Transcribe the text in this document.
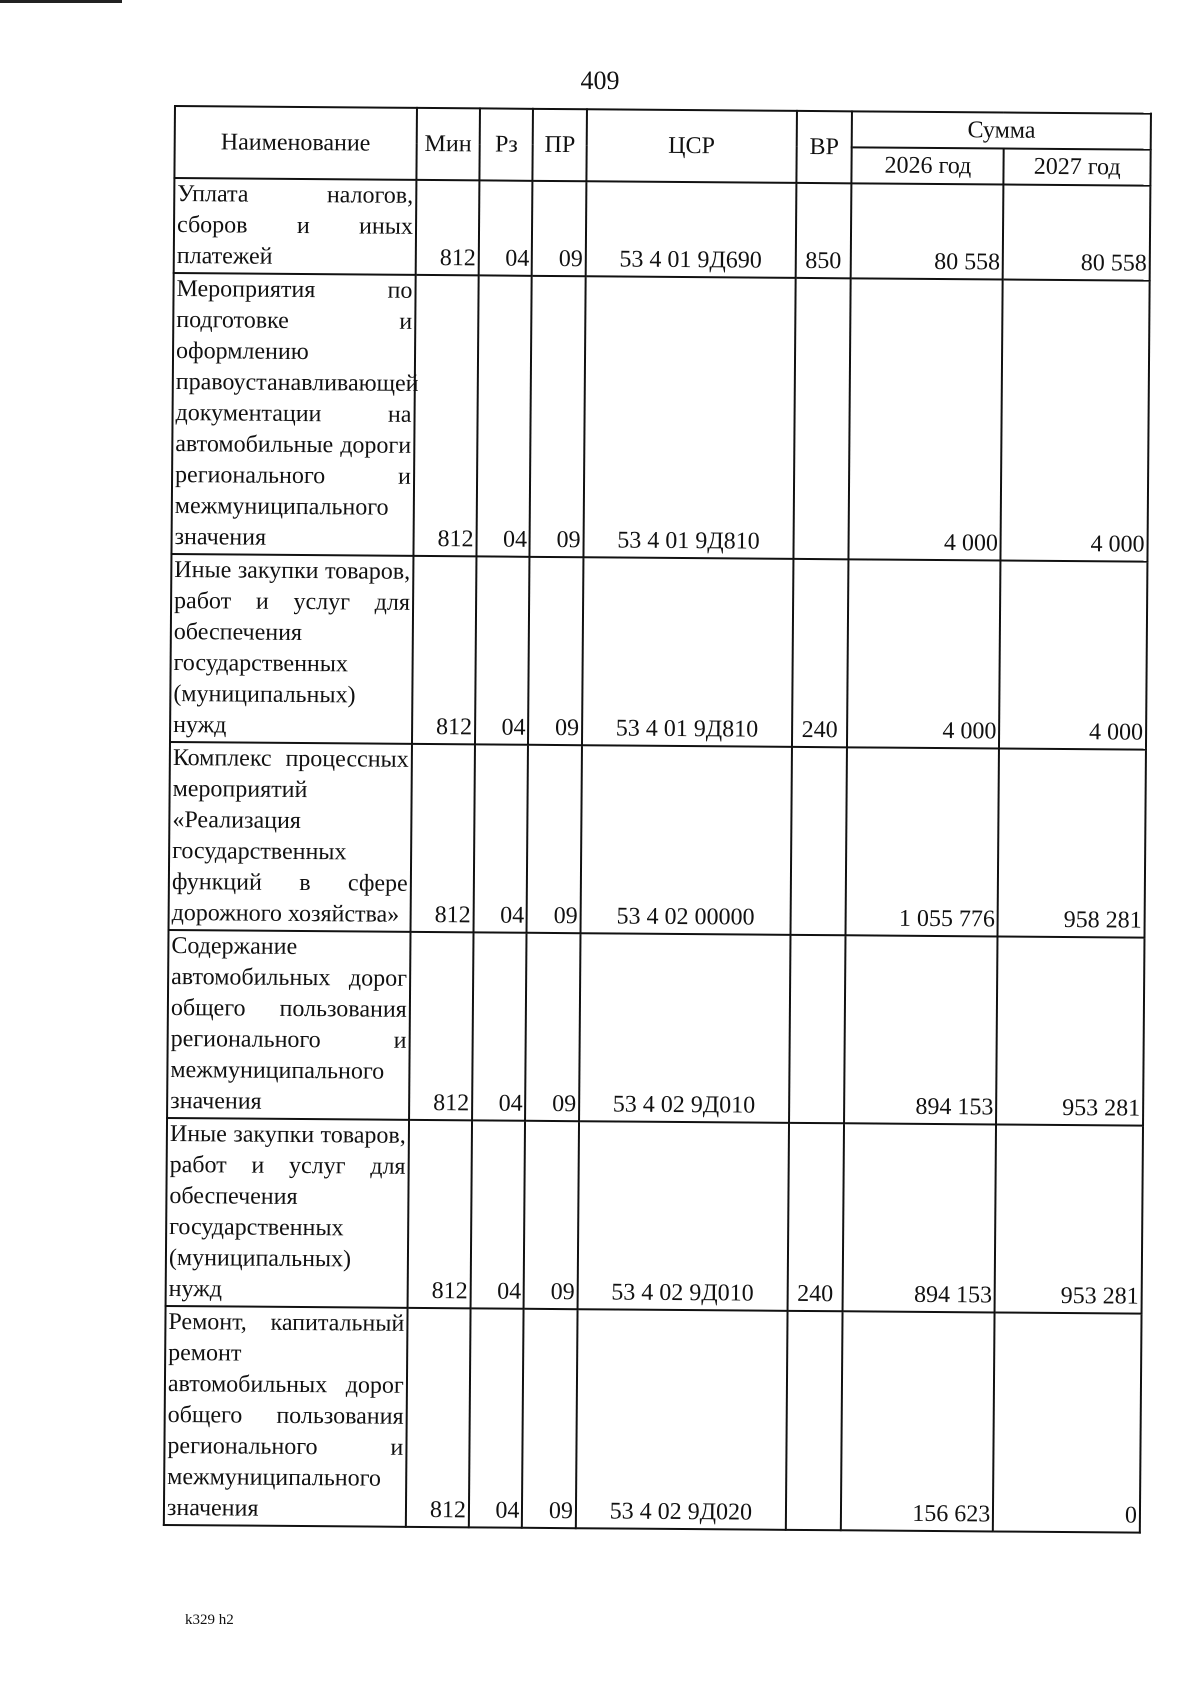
409
Наименование	Мин	Рз	ПР	ЦСР	ВР	Сумма	
						2026 год	2027 год

Уплата налогов, сборов и иных платежей	812	04	09	53 4 01 9Д690	850	80 558	80 558

Мероприятия по подготовке и оформлению правоустанавливающей документации на автомобильные дороги регионального и межмуниципального значения	812	04	09	53 4 01 9Д810		4 000	4 000

Иные закупки товаров, работ и услуг для обеспечения государственных (муниципальных) нужд	812	04	09	53 4 01 9Д810	240	4 000	4 000

Комплекс процессных мероприятий «Реализация государственных функций в сфере дорожного хозяйства»	812	04	09	53 4 02 00000		1 055 776	958 281

Содержание автомобильных дорог общего пользования регионального и межмуниципального значения	812	04	09	53 4 02 9Д010		894 153	953 281

Иные закупки товаров, работ и услуг для обеспечения государственных (муниципальных) нужд	812	04	09	53 4 02 9Д010	240	894 153	953 281

Ремонт, капитальный ремонт автомобильных дорог общего пользования регионального и межмуниципального значения	812	04	09	53 4 02 9Д020		156 623	0
k329 h2
